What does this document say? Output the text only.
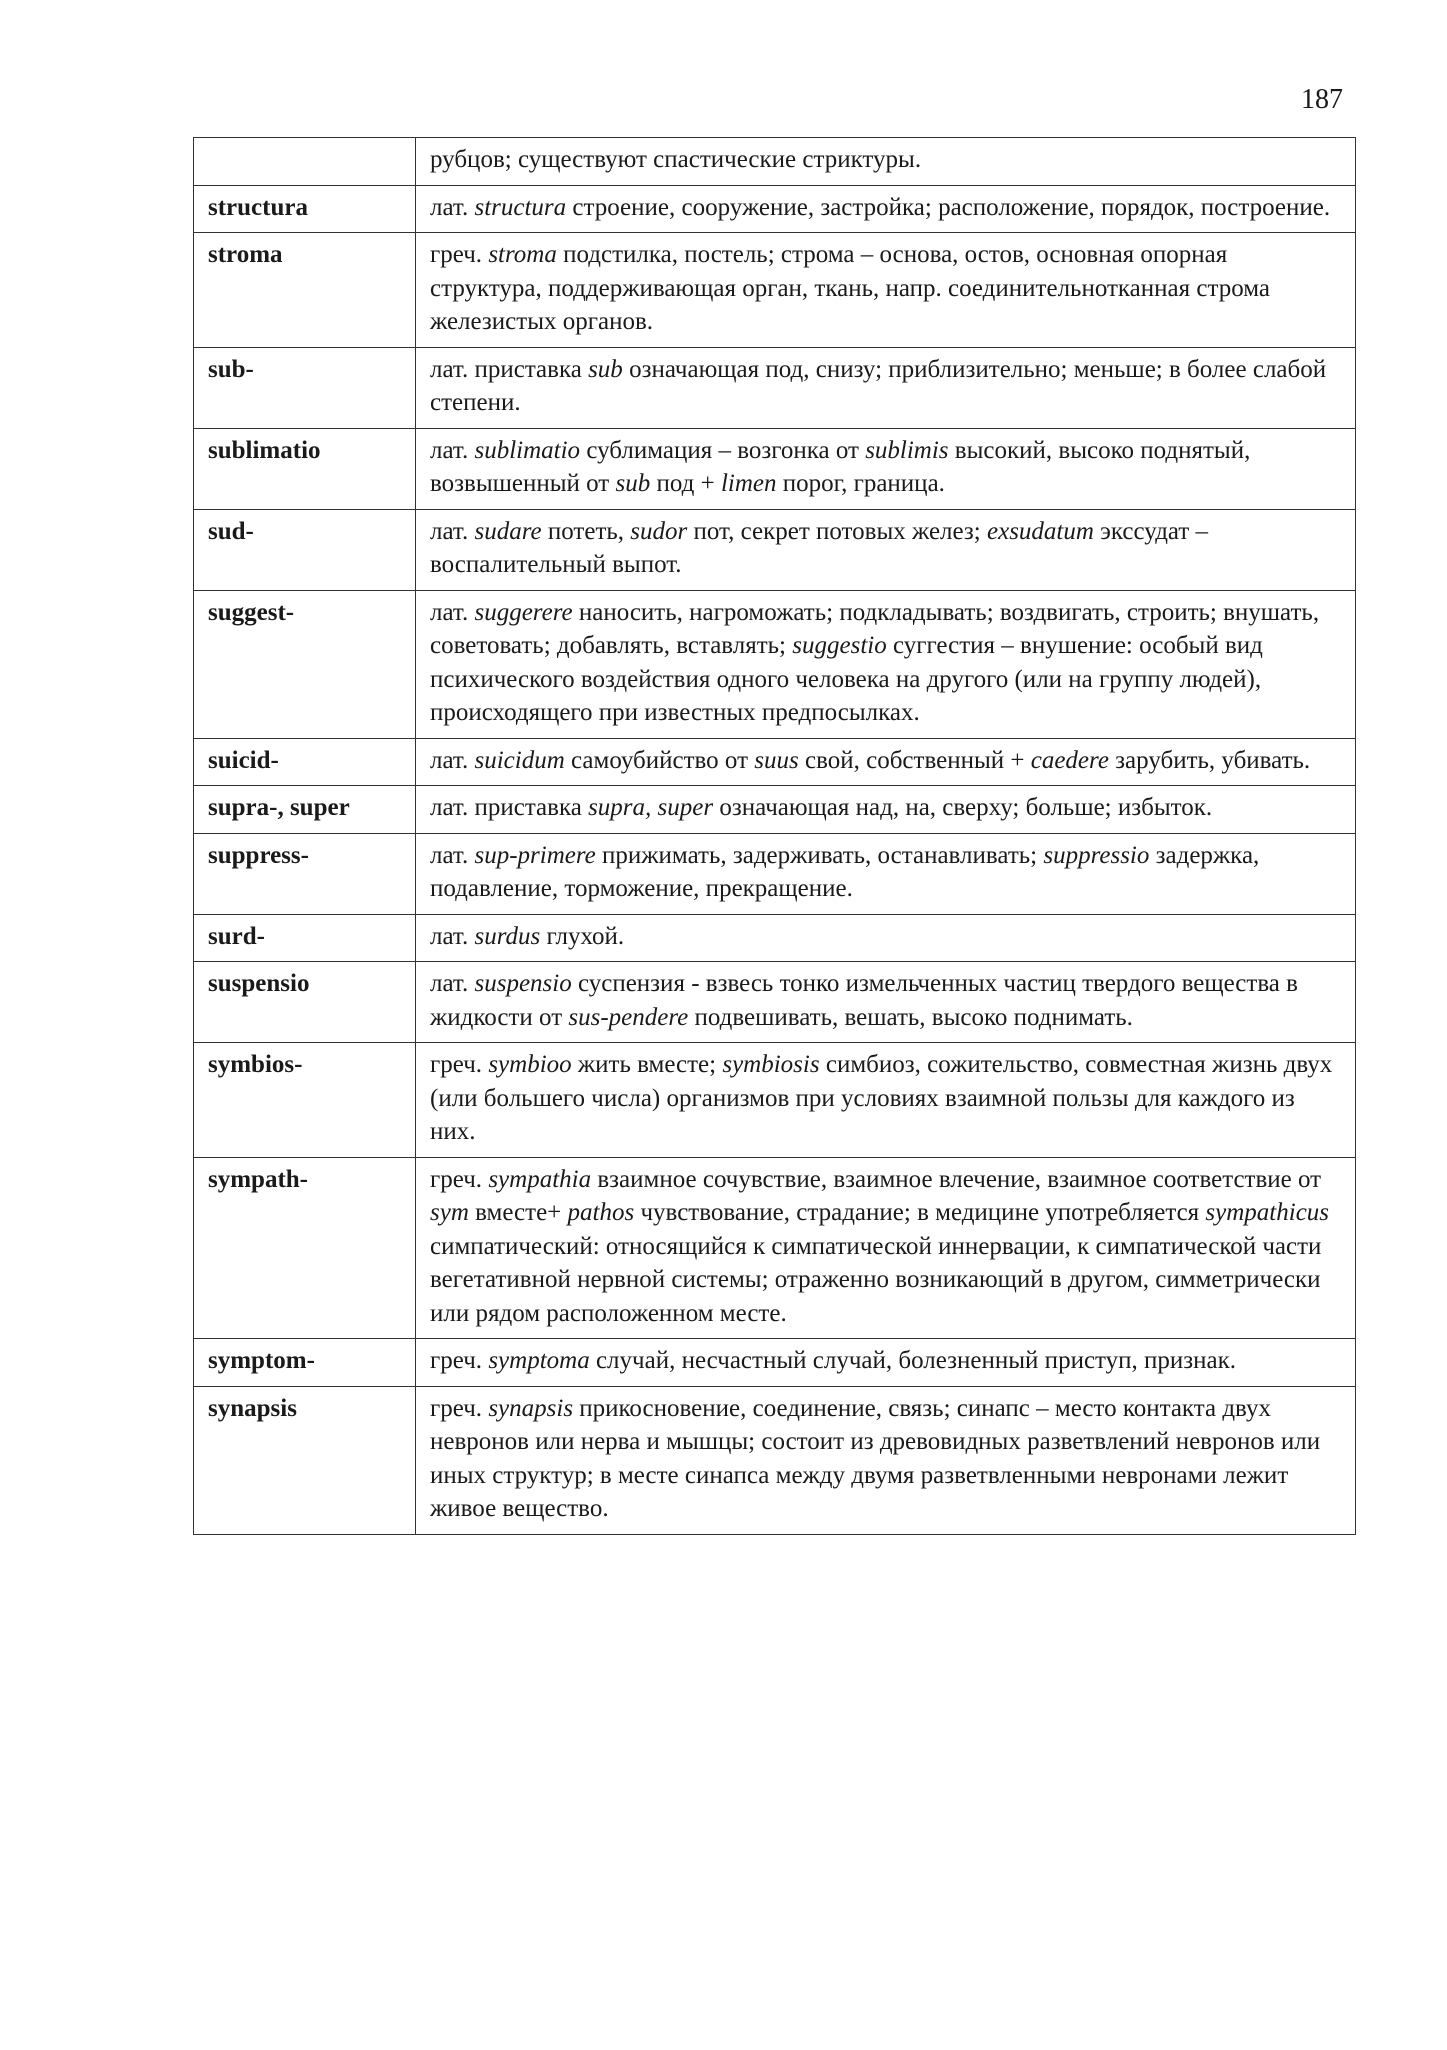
187
	рубцов; существуют спастические стриктуры.
structura	лат. structura строение, сооружение, застройка; расположение, порядок, построение.
stroma	греч. stroma подстилка, постель; строма – основа, остов, основная опорная структура, поддерживающая орган, ткань, напр. соединительнотканная строма железистых органов.
sub-	лат. приставка sub означающая под, снизу; приблизительно; меньше; в более слабой степени.
sublimatio	лат. sublimatio сублимация – возгонка от sublimis высокий, высоко поднятый, возвышенный от sub под + limen порог, граница.
sud-	лат. sudare потеть, sudor пот, секрет потовых желез; exsudatum экссудат – воспалительный выпот.
suggest-	лат. suggerere наносить, нагроможать; подкладывать; воздвигать, строить; внушать, советовать; добавлять, вставлять; suggestio суггестия – внушение: особый вид психического воздействия одного человека на другого (или на группу людей), происходящего при известных предпосылках.
suicid-	лат. suicidum самоубийство от suus свой, собственный + caedere зарубить, убивать.
supra-, super	лат. приставка supra, super означающая над, на, сверху; больше; избыток.
suppress-	лат. sup-primere прижимать, задерживать, останавливать; suppressio задержка, подавление, торможение, прекращение.
surd-	лат. surdus глухой.
suspensio	лат. suspensio суспензия - взвесь тонко измельченных частиц твердого вещества в жидкости от sus-pendere подвешивать, вешать, высоко поднимать.
symbios-	греч. symbioo жить вместе; symbiosis симбиоз, сожительство, совместная жизнь двух (или большего числа) организмов при условиях взаимной пользы для каждого из них.
sympath-	греч. sympathia взаимное сочувствие, взаимное влечение, взаимное соответствие от sym вместе+ pathos чувствование, страдание; в медицине употребляется sympathicus симпатический: относящийся к симпатической иннервации, к симпатической части вегетативной нервной системы; отраженно возникающий в другом, симметрически или рядом расположенном месте.
symptom-	греч. symptoma случай, несчастный случай, болезненный приступ, признак.
synapsis	греч. synapsis прикосновение, соединение, связь; синапс – место контакта двух невронов или нерва и мышцы; состоит из древовидных разветвлений невронов или иных структур; в месте синапса между двумя разветвленными невронами лежит живое вещество.
